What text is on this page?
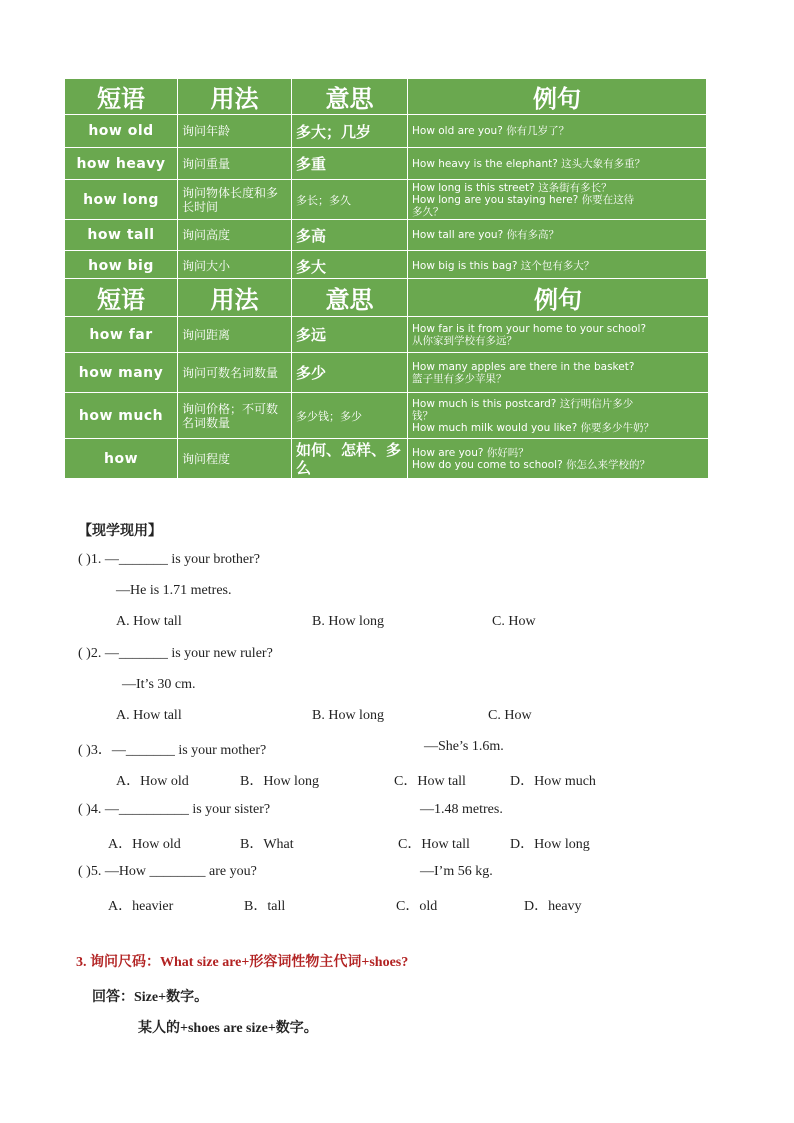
短语	用法	意思	例句
how old	询问年龄	多大；几岁	How old are you? 你有几岁了？

how heavy	询问重量	多重	How heavy is the elephant? 这头大象有多重？

how long	询问物体长度和多长时间	多长；多久	How long is this street? 这条街有多长？
How long are you staying here? 你要在这待
多久？

how tall	询问高度	多高	How tall are you? 你有多高？

how big	询问大小	多大	How big is this bag? 这个包有多大？
短语	用法	意思	例句
how far	询问距离	多远	How far is it from your home to your school?
从你家到学校有多远？

how many	询问可数名词数量	多少	How many apples are there in the basket?
篮子里有多少苹果？

how much	询问价格；不可数名词数量	多少钱；多少	How much is this postcard? 这行明信片多少
钱？
How much milk would you like? 你要多少牛奶？

how	询问程度	如何、怎样、多么	How are you? 你好吗？
How do you come to school? 你怎么来学校的？
【现学现用】
( )1. —_______ is your brother?
—He is 1.71 metres.
A. How tall	B. How long	C. How
( )2. —_______ is your new ruler?
—It’s 30 cm.
A. How tall	B. How long	C. How
( )3．—_______ is your mother?	—She’s 1.6m.
A．How old	B．How long	C．How tall	D．How much
( )4. —__________ is your sister?	—1.48 metres.
A．How old	B．What	C．How tall	D．How long
( )5. —How ________ are you?	—I’m 56 kg.
A．heavier	B．tall	C．old	D．heavy
3. 询问尺码：What size are+形容词性物主代词+shoes?
回答：Size+数字。
某人的+shoes are size+数字。
